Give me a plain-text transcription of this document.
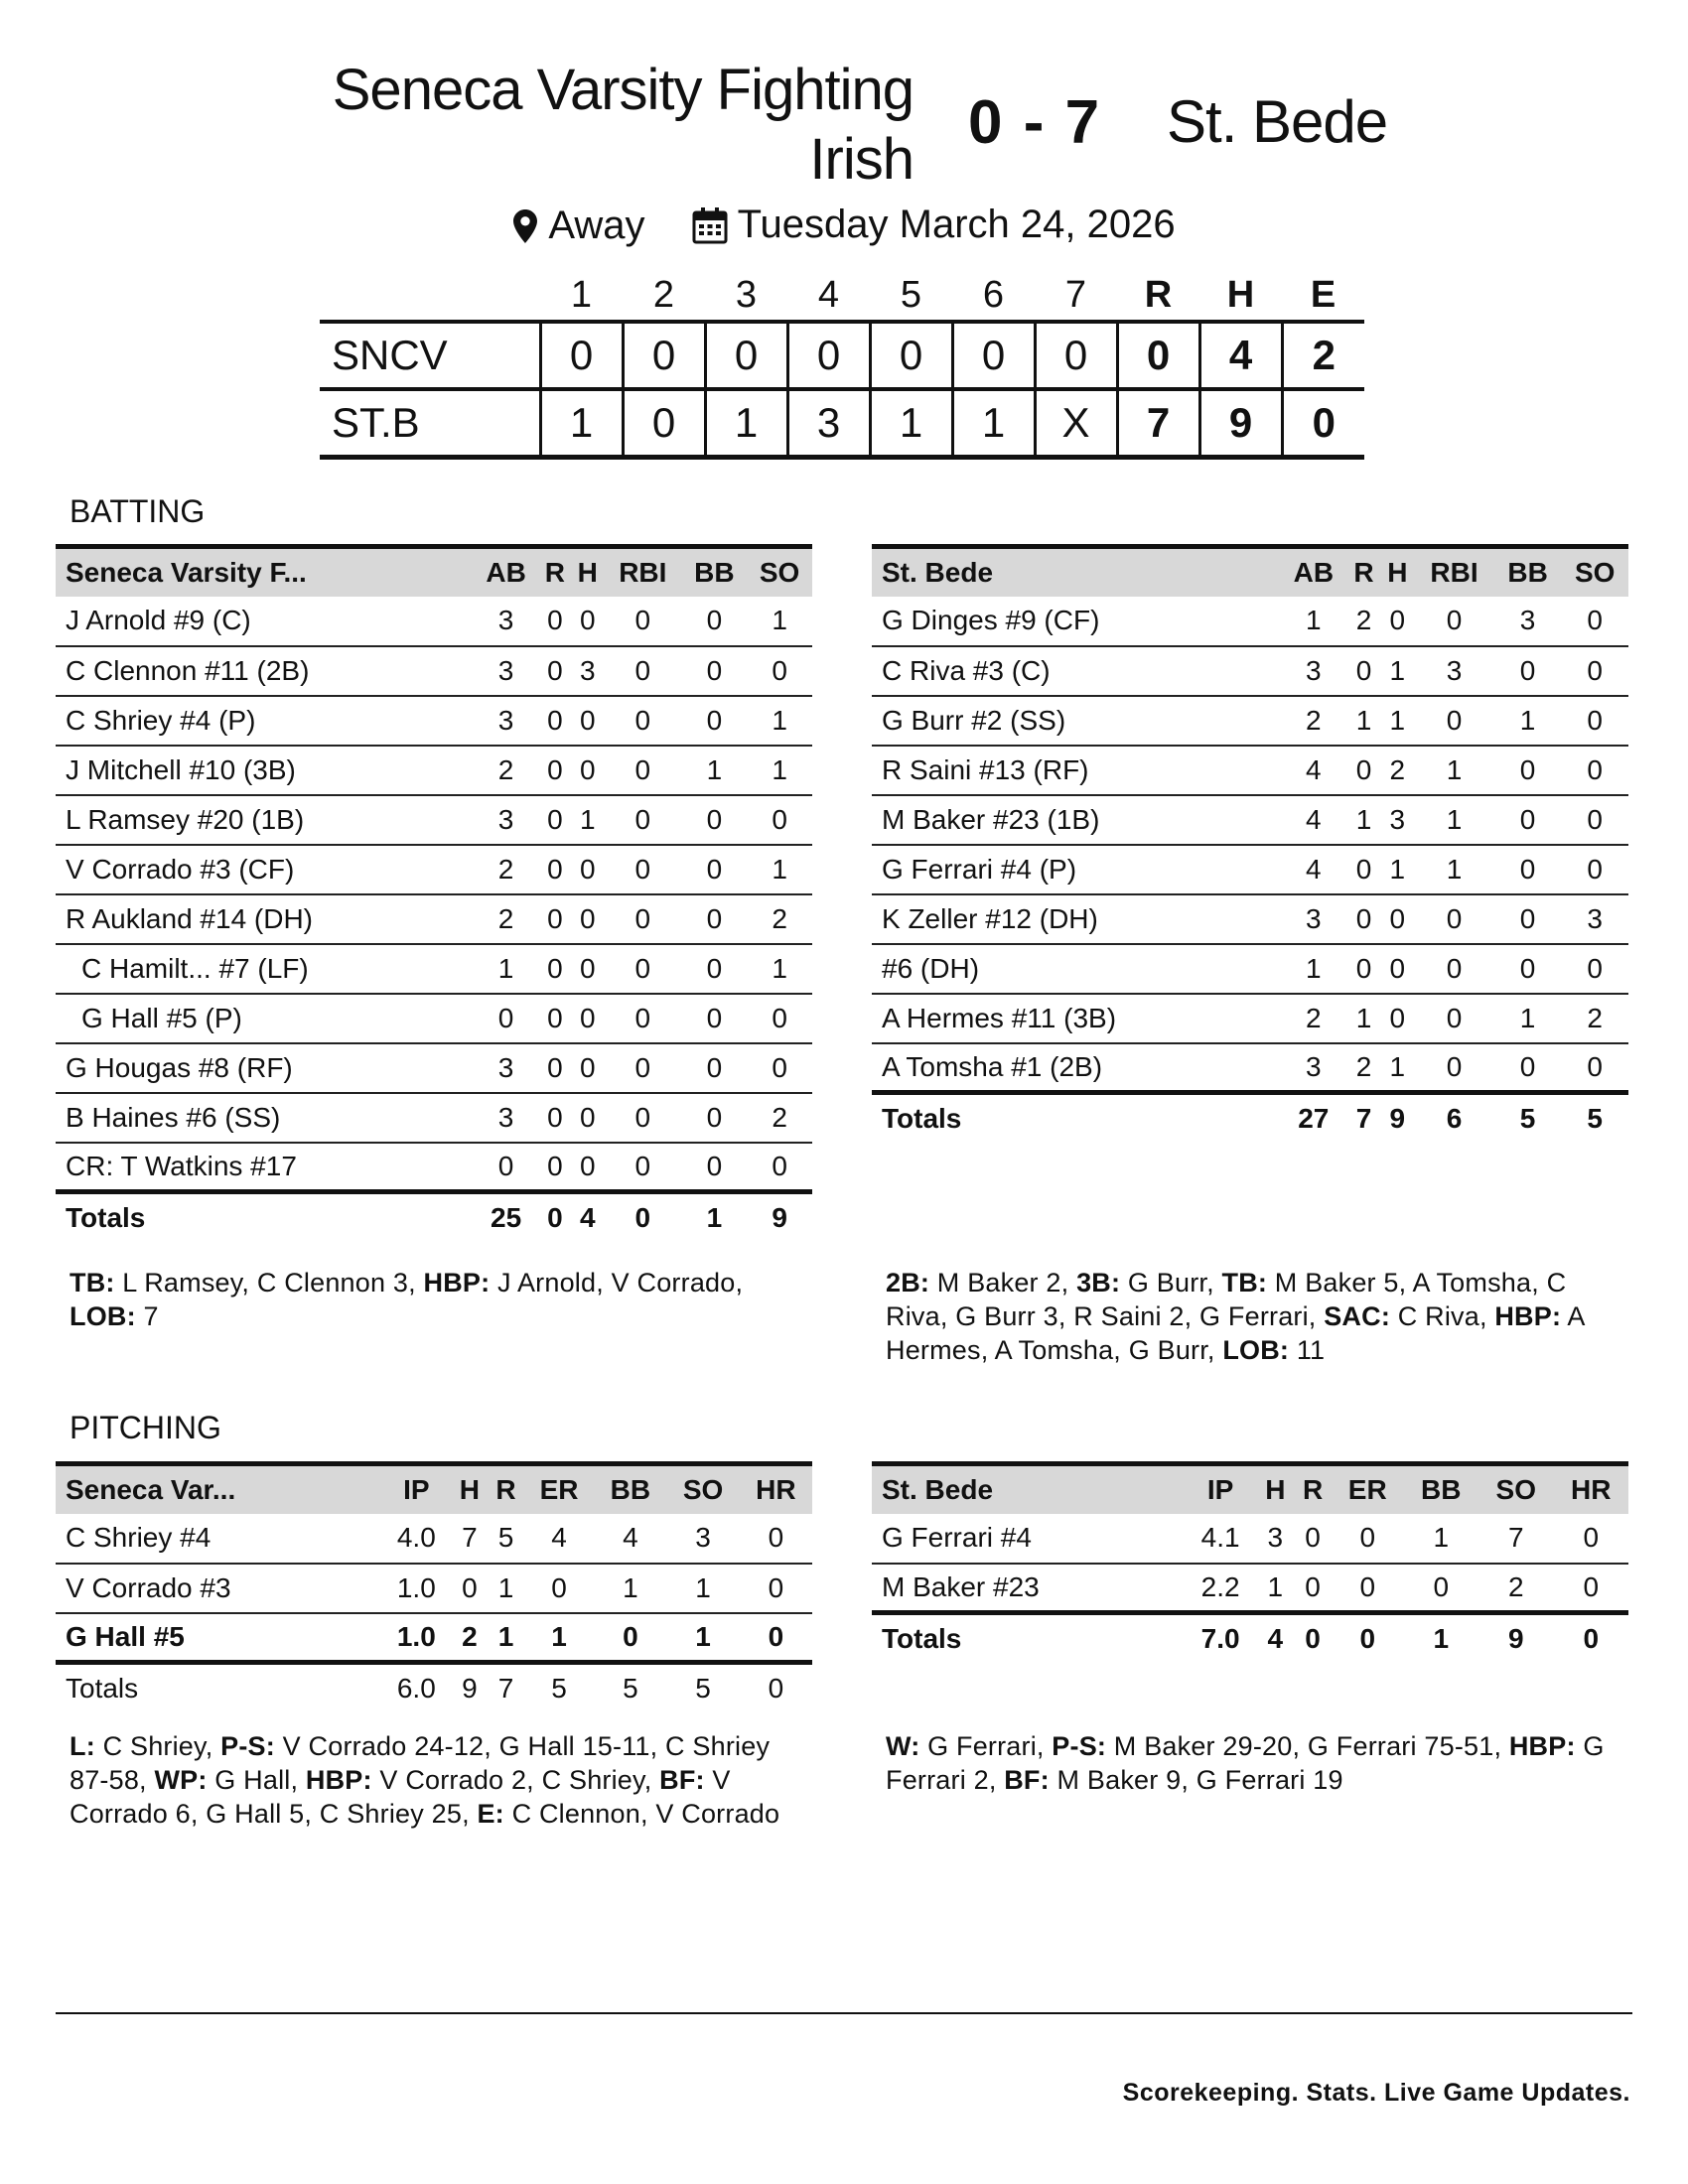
Seneca Varsity Fighting Irish
0 - 7 St. Bede
Away
Tuesday March 24, 2026
	1	2	3	4	5	6	7	R	H	E
SNCV	0	0	0	0	0	0	0	0	4	2
ST.B	1	0	1	3	1	1	X	7	9	0
BATTING
Seneca Varsity F...	AB	R	H	RBI	BB	SO
J Arnold #9 (C)	3	0	0	0	0	1
C Clennon #11 (2B)	3	0	3	0	0	0
C Shriey #4 (P)	3	0	0	0	0	1
J Mitchell #10 (3B)	2	0	0	0	1	1
L Ramsey #20 (1B)	3	0	1	0	0	0
V Corrado #3 (CF)	2	0	0	0	0	1
R Aukland #14 (DH)	2	0	0	0	0	2
C Hamilt... #7 (LF)	1	0	0	0	0	1
G Hall #5 (P)	0	0	0	0	0	0
G Hougas #8 (RF)	3	0	0	0	0	0
B Haines #6 (SS)	3	0	0	0	0	2
CR: T Watkins #17	0	0	0	0	0	0
Totals	25	0	4	0	1	9
St. Bede	AB	R	H	RBI	BB	SO
G Dinges #9 (CF)	1	2	0	0	3	0
C Riva #3 (C)	3	0	1	3	0	0
G Burr #2 (SS)	2	1	1	0	1	0
R Saini #13 (RF)	4	0	2	1	0	0
M Baker #23 (1B)	4	1	3	1	0	0
G Ferrari #4 (P)	4	0	1	1	0	0
K Zeller #12 (DH)	3	0	0	0	0	3
#6 (DH)	1	0	0	0	0	0
A Hermes #11 (3B)	2	1	0	0	1	2
A Tomsha #1 (2B)	3	2	1	0	0	0
Totals	27	7	9	6	5	5
TB: L Ramsey, C Clennon 3, HBP: J Arnold, V Corrado, LOB: 7
2B: M Baker 2, 3B: G Burr, TB: M Baker 5, A Tomsha, C Riva, G Burr 3, R Saini 2, G Ferrari, SAC: C Riva, HBP: A Hermes, A Tomsha, G Burr, LOB: 11
PITCHING
Seneca Var...	IP	H	R	ER	BB	SO	HR
C Shriey #4	4.0	7	5	4	4	3	0
V Corrado #3	1.0	0	1	0	1	1	0
G Hall #5	1.0	2	1	1	0	1	0
Totals	6.0	9	7	5	5	5	0
St. Bede	IP	H	R	ER	BB	SO	HR
G Ferrari #4	4.1	3	0	0	1	7	0
M Baker #23	2.2	1	0	0	0	2	0
Totals	7.0	4	0	0	1	9	0
L: C Shriey, P-S: V Corrado 24-12, G Hall 15-11, C Shriey 87-58, WP: G Hall, HBP: V Corrado 2, C Shriey, BF: V Corrado 6, G Hall 5, C Shriey 25, E: C Clennon, V Corrado
W: G Ferrari, P-S: M Baker 29-20, G Ferrari 75-51, HBP: G Ferrari 2, BF: M Baker 9, G Ferrari 19
Scorekeeping. Stats. Live Game Updates.
